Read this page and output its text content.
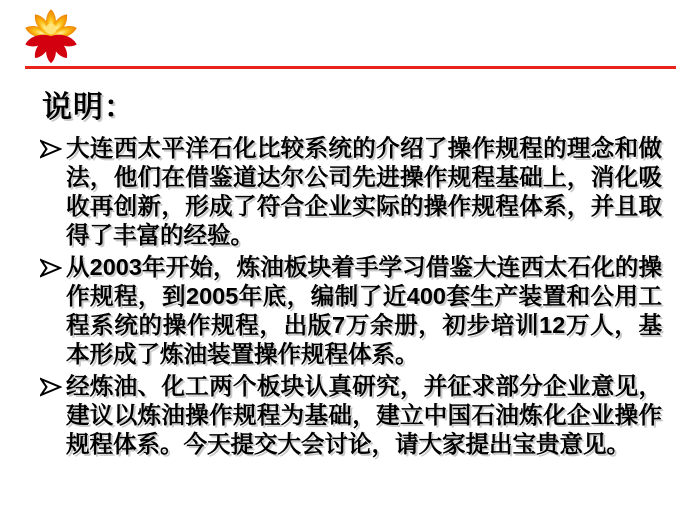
说明：

大连西太平洋石化比较系统的介绍了操作规程的理念和做法，他们在借鉴道达尔公司先进操作规程基础上，消化吸收再创新，形成了符合企业实际的操作规程体系，并且取得了丰富的经验。

从2003年开始，炼油板块着手学习借鉴大连西太石化的操作规程，到2005年底，编制了近400套生产装置和公用工程系统的操作规程，出版7万余册，初步培训12万人，基本形成了炼油装置操作规程体系。

经炼油、化工两个板块认真研究，并征求部分企业意见，建议以炼油操作规程为基础，建立中国石油炼化企业操作规程体系。今天提交大会讨论，请大家提出宝贵意见。
